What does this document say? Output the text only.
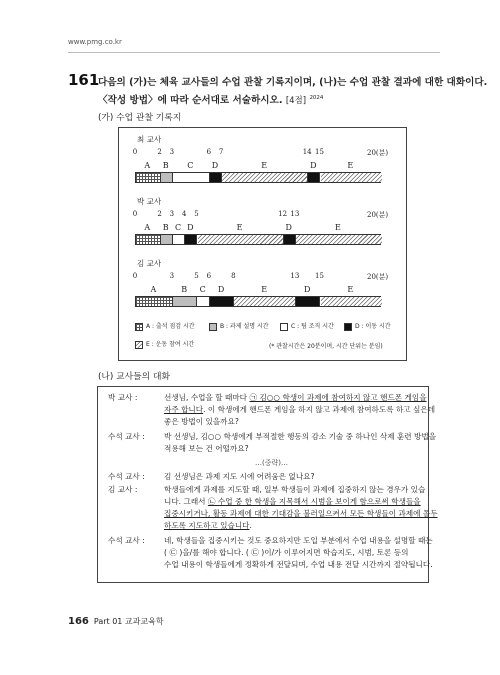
www.pmg.co.kr
161
다음의 (가)는 체육 교사들의 수업 관찰 기록지이며, (나)는 수업 관찰 결과에 대한 대화이다.
〈작성 방법〉에 따라 순서대로 서술하시오. [4점] $^{2024}$
(가) 수업 관찰 기록지
최 교사
0	2 3	6 7	14 15	20(분)
A B C D	E	D	E
박 교사
0	2 3 4 5	12 13	20(분)
A B C D	E	D	E
김 교사
0	3	5 6	8	13 15	20(분)
A	B C D	E	D	E
A : 출석 점검 시간	B : 과제 설명 시간	C : 팀 조직 시간	D : 이동 시간
E : 운동 참여 시간	(* 관찰시간은 20분이며, 시간 단위는 분임)
(나) 교사들의 대화
박 교사 :	선생님, 수업을 할 때마다 ㉠ 김○○ 학생이 과제에 참여하지 않고 핸드폰 게임을
자주 합니다. 이 학생에게 핸드폰 게임을 하지 않고 과제에 참여하도록 하고 싶은데
좋은 방법이 있을까요?
수석 교사 :	박 선생님, 김○○ 학생에게 부적절한 행동의 감소 기술 중 하나인 삭제 훈련 방법을
적용해 보는 건 어떨까요?
…(중략)…
수석 교사 :	김 선생님은 과제 지도 시에 어려움은 없나요?
김 교사 :	학생들에게 과제를 지도할 때, 일부 학생들이 과제에 집중하지 않는 경우가 있습
니다. 그래서 ㉡ 수업 중 한 학생을 지목해서 시범을 보이게 함으로써 학생들을
집중시키거나, 활동 과제에 대한 기대감을 불러일으켜서 모든 학생들이 과제에 몰두
하도록 지도하고 있습니다.
수석 교사 :	네, 학생들을 집중시키는 것도 중요하지만 도입 부분에서 수업 내용을 설명할 때는
( ㉢ )을/를 해야 합니다. ( ㉢ )이/가 이루어지면 학습지도, 시범, 토론 등의
수업 내용이 학생들에게 정확하게 전달되며, 수업 내용 전달 시간까지 절약됩니다.
166 Part 01 교과교육학
